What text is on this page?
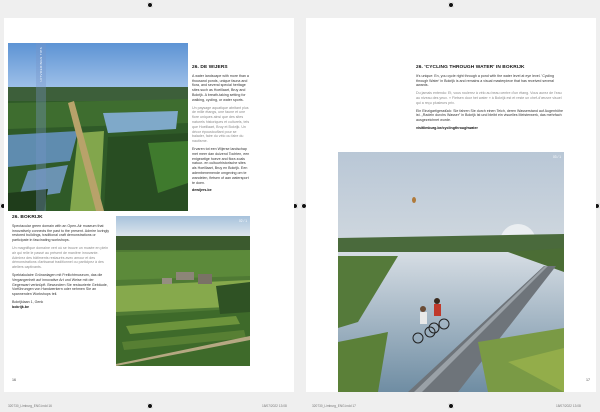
UITVOERINGS TIPS	26. DE WIJERS

A water landscape with more than a thousand ponds, unique fauna and flora, and several special heritage sites such as Hoeillaart, Bruy and Bokrijk. A breath-taking setting for walking, cycling, or water sports.

Un paysage aquatique abritant plus de mille étangs, une faune et une flore uniques ainsi que des sites naturels historiques et culturels, tels que Hoeillaart, Bruy et Bokrijk. Un décor époustouflant pour se balader, faire du vélo ou faire du nautisme.

Ervaren tot een Wijerse landschap met meer dan duizend Tochten, een enigeartige hoeve and flora zoals natuur- en cultuurhistorische sites als Hoeillaart, Bruy en Bokrijk. Een adembenemende omgeving om te wandelen, fietsen of aan watersport te doen.

dewijers.be
26. BOKRIJK

Spectacular green domain with an Open-Air museum that innovatively connects the past to the present. Admire lovingly restored buildings, traditional craft demonstrations or participate in fascinating workshops.

Un magnifique domaine vert où se trouve un musée en plein air qui relie le passé au présent de manière innovante. Admirez des bâtiments restaurés avec amour et des démonstrations d'artisanat traditionnel ou participez à des ateliers captivants.

Spektakulaire Grünanlagen mit Freilichtmuseum, das die Vergangenheit auf innovative Art und Weise mit der Gegenwart verknüpft. Bewundern Sie restaurierte Gebäude, Vorführungen von Handwerkern oder nehmen Sie an spannenden Workshops teil.

Bokrijklaan 1, Genk
bokrijk.be
02 / 1
16
26. 'CYCLING THROUGH WATER' IN BOKRIJK

It's unique: En, you cycle right through a pond with the water level at eye level. 'Cycling through Water' in Bokrijk is and remains a visual masterpiece that has received several awards.

Du jamais entendu: Et, vous roulerez à vélo au beau centre d'un étang. Vous aurez de l'eau au niveau des yeux. « Fietsen door het water » à Bokrijk est et reste un chef-d'œuvre visuel qui a reçu plusieurs prix.

Ein Einzigartigesstück: Sie fahren Sie durch einen Teich, deren Wasserstand auf Augenhöhe ist. „Radeln durchs Wasser” in Bokrijk ist und bleibt ein visuelles Meisterwerk, das mehrfach ausgezeichnet wurde.

visitlimburg.be/cyclingthroughwater
03 / 1
17
320730_Limburg_ENG.indd 16	18/07/2022 13:08	320730_Limburg_ENG.indd 17	18/07/2022 13:08
